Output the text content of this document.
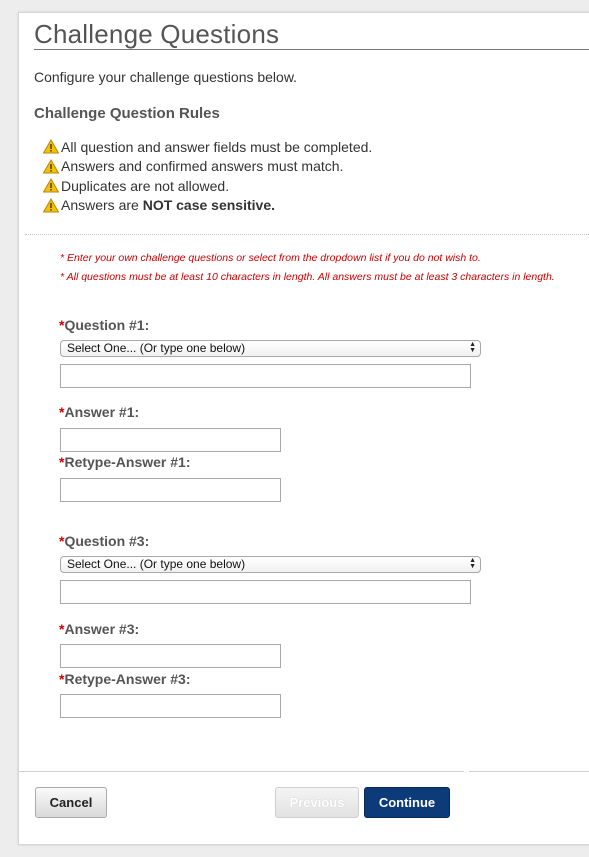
Challenge Questions
Configure your challenge questions below.
Challenge Question Rules
All question and answer fields must be completed.
Answers and confirmed answers must match.
Duplicates are not allowed.
Answers are NOT case sensitive.
* Enter your own challenge questions or select from the dropdown list if you do not wish to.
* All questions must be at least 10 characters in length. All answers must be at least 3 characters in length.
*Question #1:
Select One... (Or type one below)	▲
▼
*Answer #1:
*Retype-Answer #1:
*Question #3:
Select One... (Or type one below)	▲
▼
*Answer #3:
*Retype-Answer #3:
Cancel	Previous	Continue
